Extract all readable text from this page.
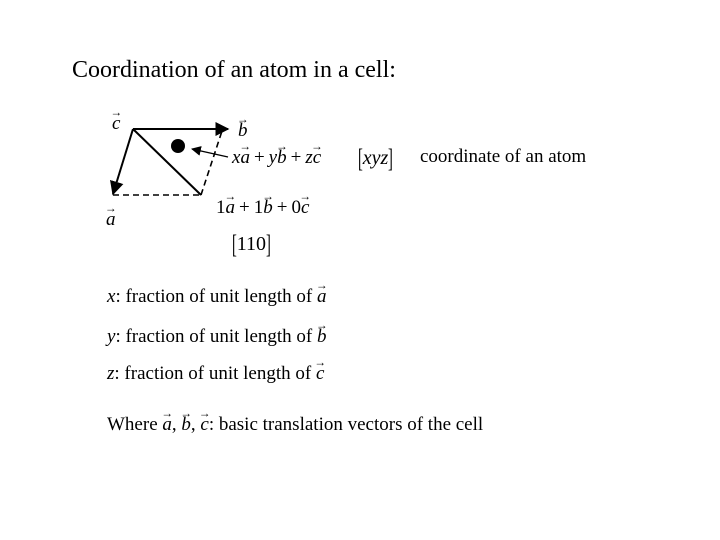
Coordination of an atom in a cell:
→ c
→	b
→ a
x→ a + y→ b + z→ c [xyz] coordinate of an atom
1→ a + 1→ b + 0→ c
[110]
x: fraction of unit length of → a
y: fraction of unit length of → b
z: fraction of unit length of → c
Where → a, → b, → c: basic translation vectors of the cell
